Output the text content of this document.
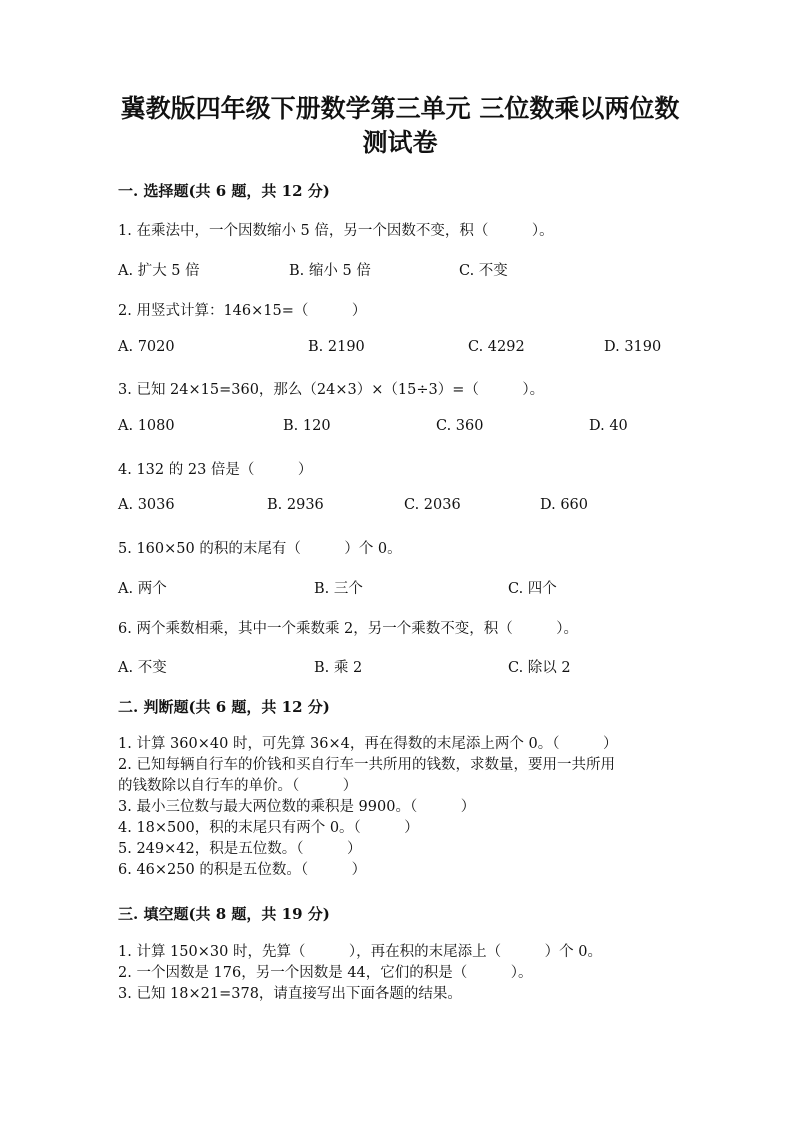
冀教版四年级下册数学第三单元 三位数乘以两位数
测试卷
一. 选择题(共 6 题，共 12 分)
1. 在乘法中，一个因数缩小 5 倍，另一个因数不变，积（　　　）。
A. 扩大 5 倍	B. 缩小 5 倍	C. 不变
2. 用竖式计算：146×15=（　　　）
A. 7020	B. 2190	C. 4292	D. 3190
3. 已知 24×15=360，那么（24×3）×（15÷3）=（　　　）。
A. 1080	B. 120	C. 360	D. 40
4. 132 的 23 倍是（　　　）
A. 3036	B. 2936	C. 2036	D. 660
5. 160×50 的积的末尾有（　　　）个 0。
A. 两个	B. 三个	C. 四个
6. 两个乘数相乘，其中一个乘数乘 2，另一个乘数不变，积（　　　）。
A. 不变	B. 乘 2	C. 除以 2
二. 判断题(共 6 题，共 12 分)
1. 计算 360×40 时，可先算 36×4，再在得数的末尾添上两个 0。（　　　）
2. 已知每辆自行车的价钱和买自行车一共所用的钱数，求数量，要用一共所用
的钱数除以自行车的单价。（　　　）
3. 最小三位数与最大两位数的乘积是 9900。（　　　）
4. 18×500，积的末尾只有两个 0。（　　　）
5. 249×42，积是五位数。（　　　）
6. 46×250 的积是五位数。（　　　）
三. 填空题(共 8 题，共 19 分)
1. 计算 150×30 时，先算（　　　），再在积的末尾添上（　　　）个 0。
2. 一个因数是 176，另一个因数是 44，它们的积是（　　　）。
3. 已知 18×21=378，请直接写出下面各题的结果。
